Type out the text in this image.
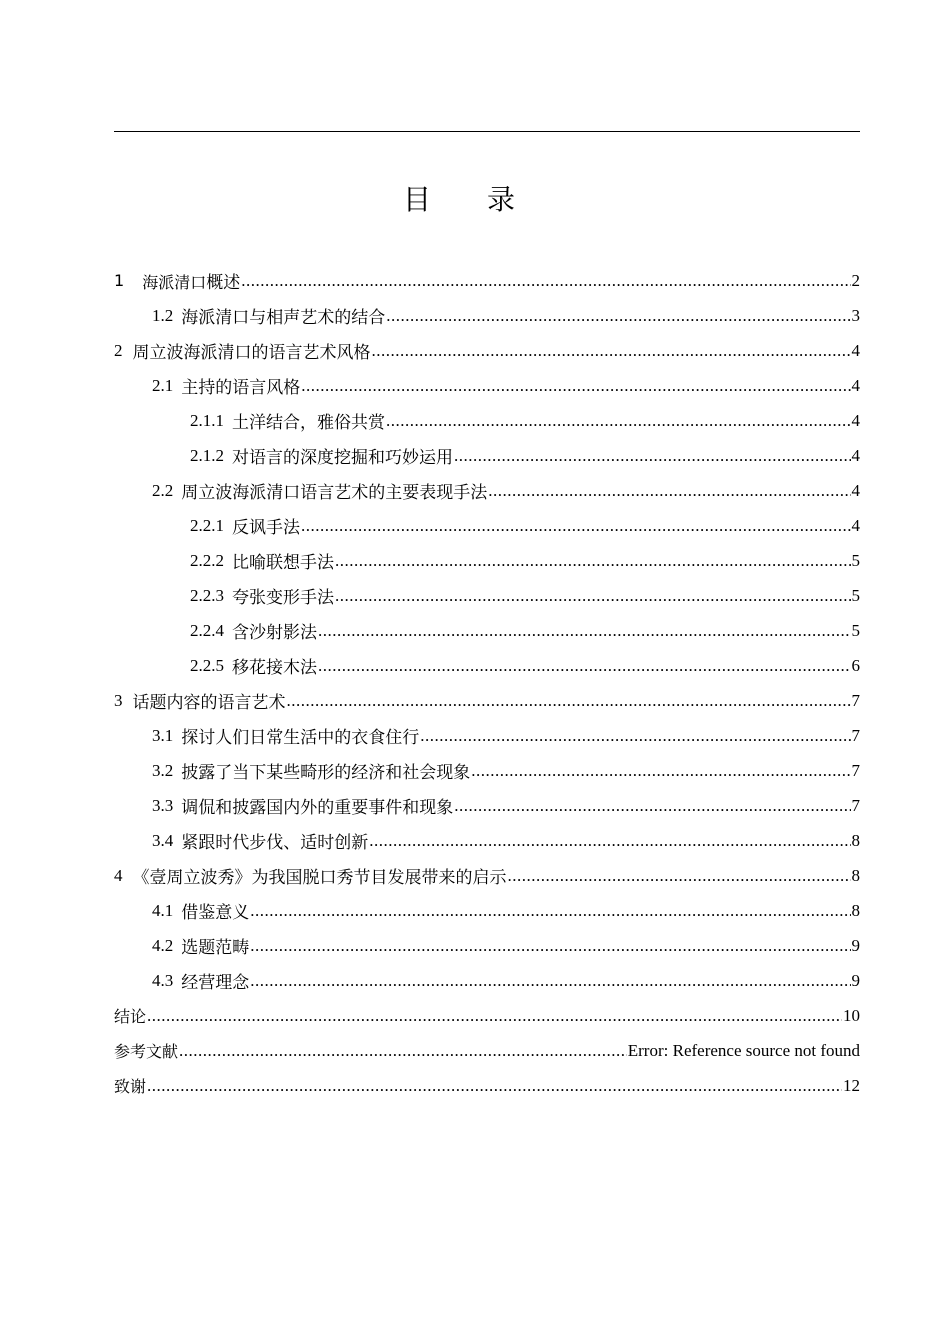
目录
1 海派清口概述 .....	2
1.2 海派清口与相声艺术的结合 .....	3
2 周立波海派清口的语言艺术风格 .....	4
2.1 主持的语言风格 .....	4
2.1.1 土洋结合，雅俗共赏 .....	4
2.1.2 对语言的深度挖掘和巧妙运用 .....	4
2.2 周立波海派清口语言艺术的主要表现手法 .....	4
2.2.1 反讽手法 .....	4
2.2.2 比喻联想手法 .....	5
2.2.3 夸张变形手法 .....	5
2.2.4 含沙射影法 .....	5
2.2.5 移花接木法 .....	6
3 话题内容的语言艺术 .....	7
3.1 探讨人们日常生活中的衣食住行 .....	7
3.2 披露了当下某些畸形的经济和社会现象 .....	7
3.3 调侃和披露国内外的重要事件和现象 .....	7
3.4 紧跟时代步伐、适时创新 .....	8
4 《壹周立波秀》为我国脱口秀节目发展带来的启示 .....	8
4.1 借鉴意义 .....	8
4.2 选题范畴 .....	9
4.3 经营理念 .....	9
结论 .....	10
参考文献 .....	Error: Reference source not found
致谢 .....	12
